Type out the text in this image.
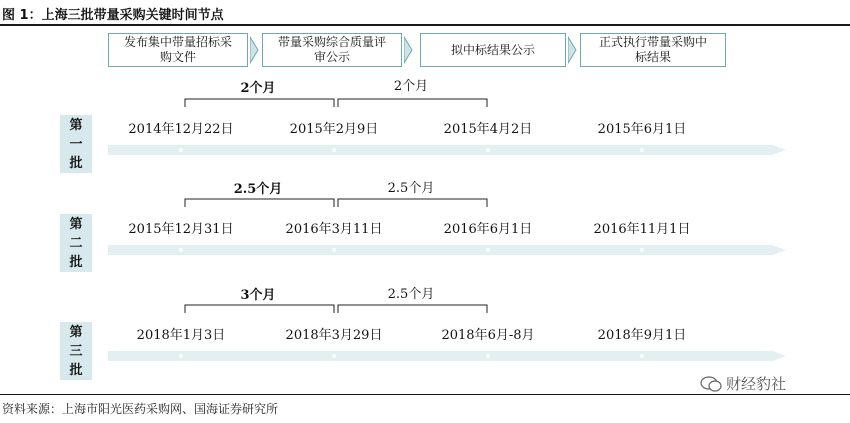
图 1：上海三批带量采购关键时间节点
发布集中带量招标采
购文件
带量采购综合质量评
审公示
拟中标结果公示
正式执行带量采购中
标结果
第
一
批
2个月	2个月
2014年12月22日	2015年2月9日	2015年4月2日	2015年6月1日
第
二
批
2.5个月	2.5个月
2015年12月31日	2016年3月11日	2016年6月1日	2016年11月1日
第
三
批
3个月	2.5个月
2018年1月3日	2018年3月29日	2018年6月-8月	2018年9月1日
财经豹社
资料来源：上海市阳光医药采购网、国海证券研究所
